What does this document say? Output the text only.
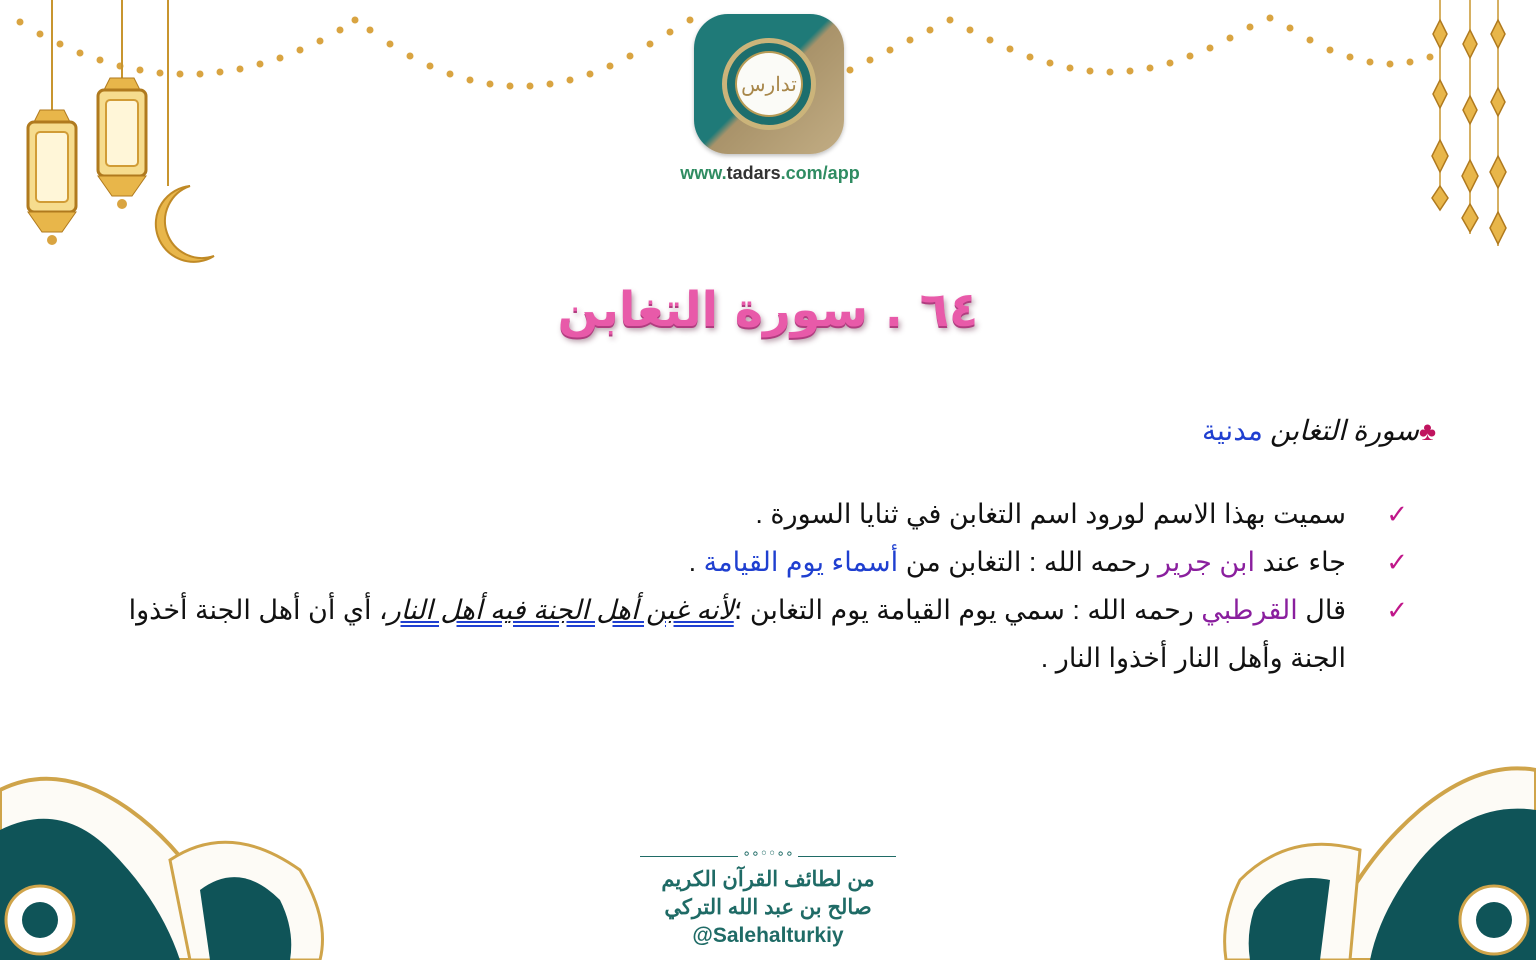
تدارس
www.tadars.com/app
٦٤ . سورة التغابن
♣سورة التغابن مدنية
✓
سميت بهذا الاسم لورود اسم التغابن في ثنايا السورة .
✓
جاء عند ابن جرير رحمه الله : التغابن من أسماء يوم القيامة .
✓
قال القرطبي رحمه الله : سمي يوم القيامة يوم التغابن ؛لأنه غبن أهل الجنة فيه أهل النار، أي أن أهل الجنة أخذوا الجنة وأهل النار أخذوا النار .
∘∘◦◦∘∘
من لطائف القرآن الكريم
صالح بن عبد الله التركي
@Salehalturkiy
